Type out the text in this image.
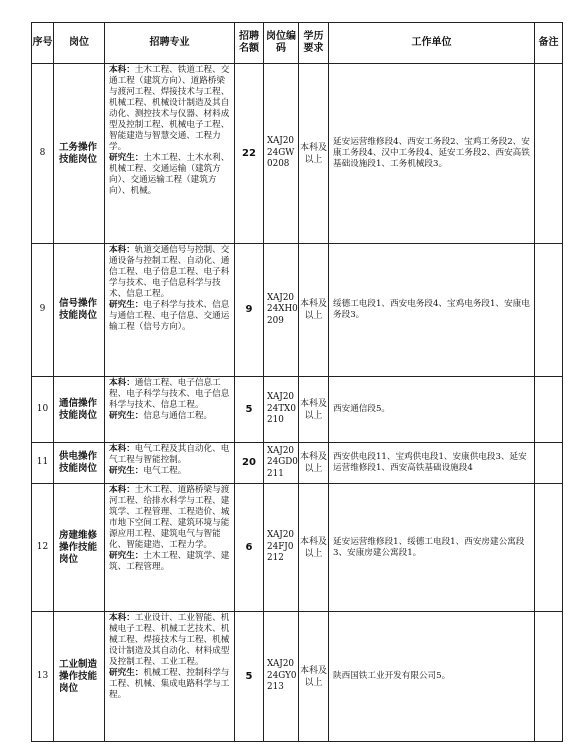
序号	岗位	招聘专业	招聘名额	岗位编码	学历要求	工作单位	备注
8	工务操作技能岗位	本科：土木工程、铁道工程、交通工程（建筑方向）、道路桥梁与渡河工程、焊接技术与工程、机械工程、机械设计制造及其自动化、测控技术与仪器、材料成型及控制工程、机械电子工程、智能建造与智慧交通、工程力学。
研究生：土木工程、土木水利、机械工程、交通运输（建筑方向）、交通运输工程（建筑方向）、机械。	22	XAJ2024GW0208	本科及以上	延安运营维修段4、西安工务段2、宝鸡工务段2、安康工务段4、汉中工务段4、延安工务段2、西安高铁基础设施段1、工务机械段3。	
9	信号操作技能岗位	本科：轨道交通信号与控制、交通设备与控制工程、自动化、通信工程、电子信息工程、电子科学与技术、电子信息科学与技术、信息工程。
研究生：电子科学与技术、信息与通信工程、电子信息、交通运输工程（信号方向）。	9	XAJ2024XH0209	本科及以上	绥德工电段1、西安电务段4、宝鸡电务段1、安康电务段3。	
10	通信操作技能岗位	本科：通信工程、电子信息工程、电子科学与技术、电子信息科学与技术、信息工程。
研究生：信息与通信工程。	5	XAJ2024TX0210	本科及以上	西安通信段5。	
11	供电操作技能岗位	本科：电气工程及其自动化、电气工程与智能控制。
研究生：电气工程。	20	XAJ2024GD0211	本科及以上	西安供电段11、宝鸡供电段1、安康供电段3、延安运营维修段1、西安高铁基础设施段4	
12	房建维修操作技能岗位	本科：土木工程、道路桥梁与渡河工程、给排水科学与工程、建筑学、工程管理、工程造价、城市地下空间工程、建筑环境与能源应用工程、建筑电气与智能化、智能建造、工程力学。
研究生：土木工程、建筑学、建筑、工程管理。	6	XAJ2024FJ0212	本科及以上	延安运营维修段1、绥德工电段1、西安房建公寓段3、安康房建公寓段1。	
13	工业制造操作技能岗位	本科：工业设计、工业智能、机械电子工程、机械工艺技术、机械工程、焊接技术与工程、机械设计制造及其自动化、材料成型及控制工程、工业工程。
研究生：机械工程、控制科学与工程、机械、集成电路科学与工程。	5	XAJ2024GY0213	本科及以上	陕西国铁工业开发有限公司5。	
